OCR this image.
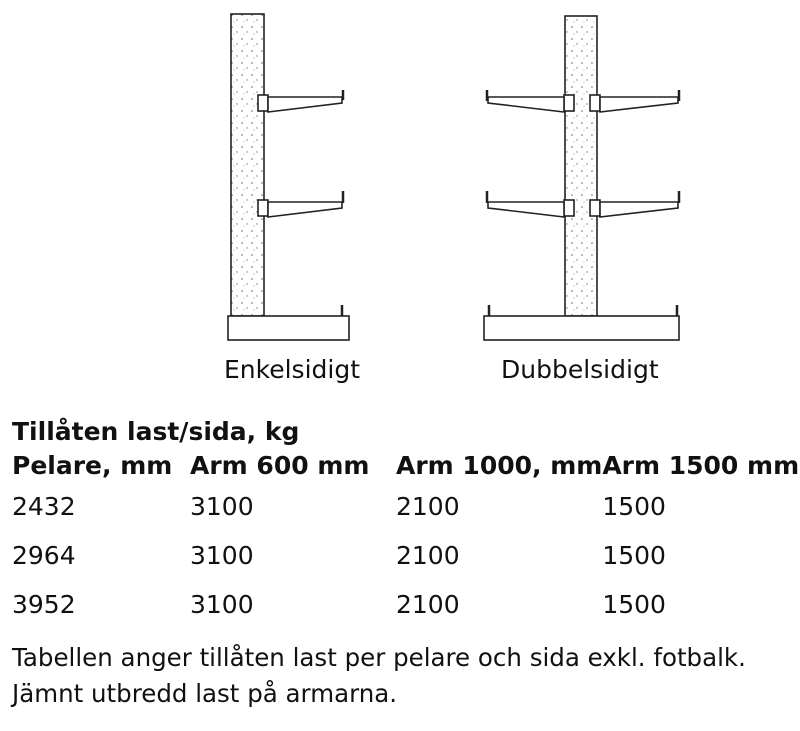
Enkelsidigt	Dubbelsidigt
Tillåten last/sida, kg
Pelare, mm	Arm 600 mm	Arm 1000, mm	Arm 1500 mm
2432	3100	2100	1500
2964	3100	2100	1500
3952	3100	2100	1500
Tabellen anger tillåten last per pelare och sida exkl. fotbalk.
Jämnt utbredd last på armarna.
